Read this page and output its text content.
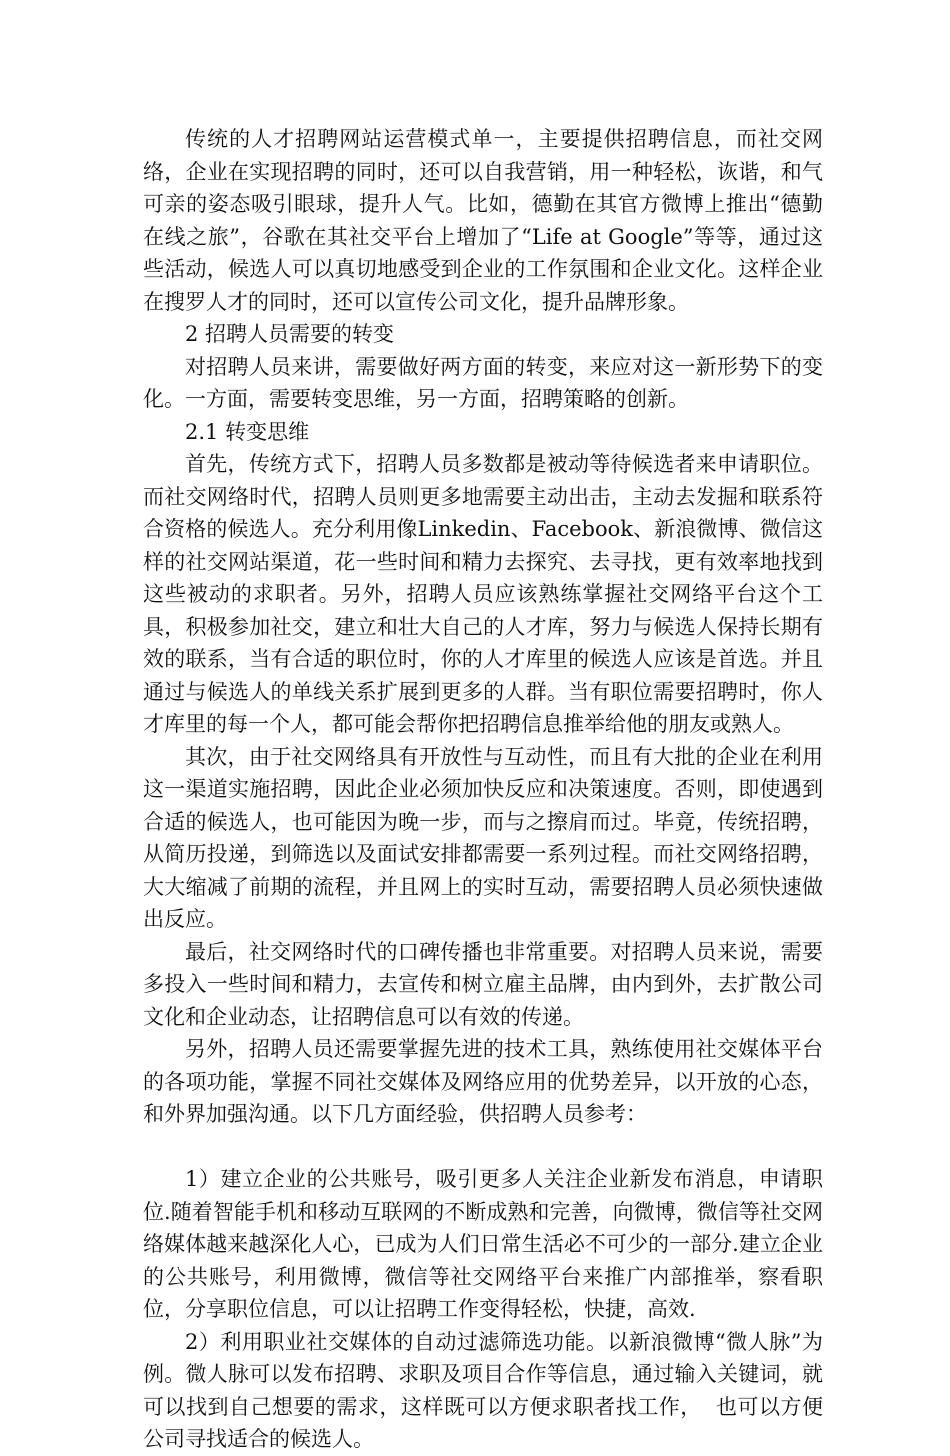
传统的人才招聘网站运营模式单一，主要提供招聘信息，而社交网络，企业在实现招聘的同时，还可以自我营销，用一种轻松，诙谐，和气可亲的姿态吸引眼球，提升人气。比如，德勤在其官方微博上推出“德勤在线之旅”，谷歌在其社交平台上增加了“Life at Google”等等，通过这些活动，候选人可以真切地感受到企业的工作氛围和企业文化。这样企业在搜罗人才的同时，还可以宣传公司文化，提升品牌形象。

2 招聘人员需要的转变

对招聘人员来讲，需要做好两方面的转变，来应对这一新形势下的变化。一方面，需要转变思维，另一方面，招聘策略的创新。

2.1 转变思维

首先，传统方式下，招聘人员多数都是被动等待候选者来申请职位。而社交网络时代，招聘人员则更多地需要主动出击，主动去发掘和联系符合资格的候选人。充分利用像Linkedin、Facebook、新浪微博、微信这样的社交网站渠道，花一些时间和精力去探究、去寻找，更有效率地找到这些被动的求职者。另外，招聘人员应该熟练掌握社交网络平台这个工具，积极参加社交，建立和壮大自己的人才库，努力与候选人保持长期有效的联系，当有合适的职位时，你的人才库里的候选人应该是首选。并且通过与候选人的单线关系扩展到更多的人群。当有职位需要招聘时，你人才库里的每一个人，都可能会帮你把招聘信息推举给他的朋友或熟人。

其次，由于社交网络具有开放性与互动性，而且有大批的企业在利用这一渠道实施招聘，因此企业必须加快反应和决策速度。否则，即使遇到合适的候选人，也可能因为晚一步，而与之擦肩而过。毕竟，传统招聘，从简历投递，到筛选以及面试安排都需要一系列过程。而社交网络招聘，大大缩减了前期的流程，并且网上的实时互动，需要招聘人员必须快速做出反应。

最后，社交网络时代的口碑传播也非常重要。对招聘人员来说，需要多投入一些时间和精力，去宣传和树立雇主品牌，由内到外，去扩散公司文化和企业动态，让招聘信息可以有效的传递。

另外，招聘人员还需要掌握先进的技术工具，熟练使用社交媒体平台的各项功能，掌握不同社交媒体及网络应用的优势差异，以开放的心态，和外界加强沟通。以下几方面经验，供招聘人员参考：

1）建立企业的公共账号，吸引更多人关注企业新发布消息，申请职位.随着智能手机和移动互联网的不断成熟和完善，向微博，微信等社交网络媒体越来越深化人心，已成为人们日常生活必不可少的一部分.建立企业的公共账号，利用微博，微信等社交网络平台来推广内部推举，察看职位，分享职位信息，可以让招聘工作变得轻松，快捷，高效.

2）利用职业社交媒体的自动过滤筛选功能。以新浪微博“微人脉”为例。微人脉可以发布招聘、求职及项目合作等信息，通过输入关键词，就可以找到自己想要的需求，这样既可以方便求职者找工作，  也可以方便公司寻找适合的候选人。
